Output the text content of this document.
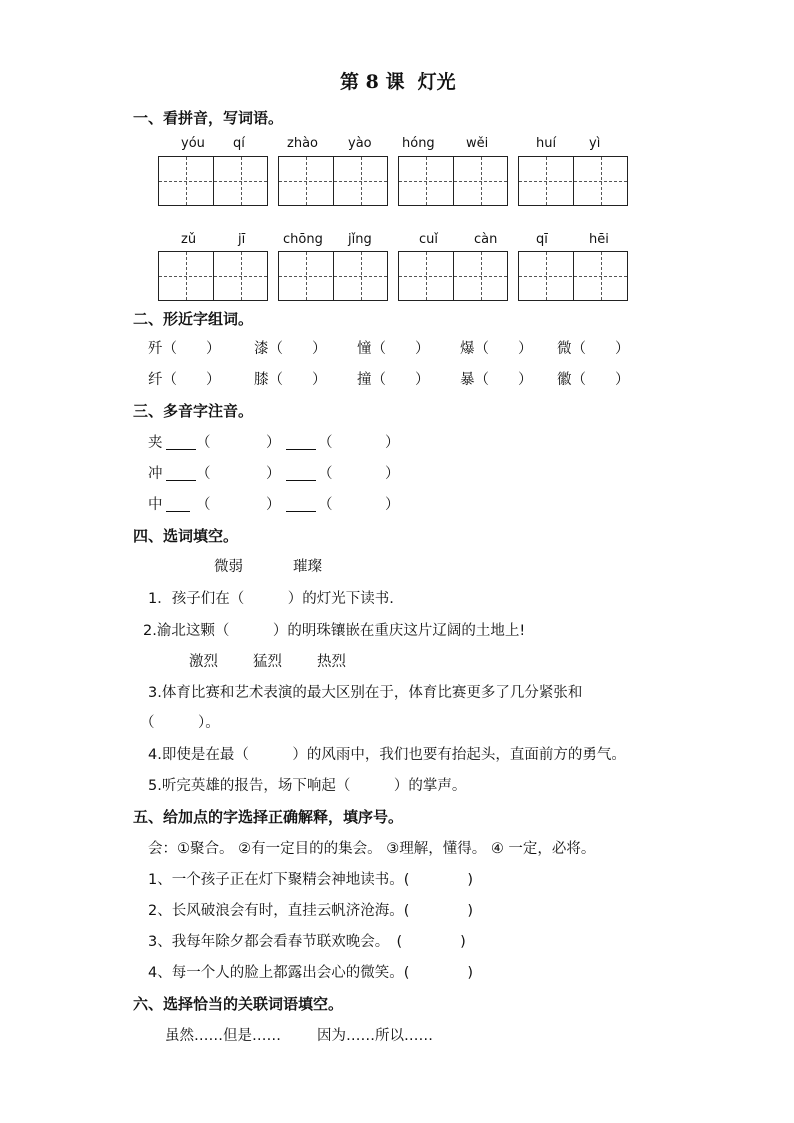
第 8 课  灯光
一、看拼音，写词语。
yóu qí	zhào yào hóng wěi	huí	yì
zǔ	jī	chōng jǐng	cuǐ	càn	qī	hēi
二、形近字组词。
歼（　　） 漆（　　） 憧（　　） 爆（　　） 微（　　）
纤（　　） 膝（　　） 撞（　　） 暴（　　） 徽（　　）
三、多音字注音。
夹 （	）	（	）
冲 （	）	（	）
中 （	）	（	）
四、选词填空。
微弱	璀璨
1．孩子们在（　　　）的灯光下读书.
2.渝北这颗（　　　）的明珠镶嵌在重庆这片辽阔的土地上!
激烈 猛烈 热烈
3.体育比赛和艺术表演的最大区别在于，体育比赛更多了几分紧张和
（　　　）。
4.即使是在最（　　　）的风雨中，我们也要有抬起头，直面前方的勇气。
5.听完英雄的报告，场下响起（　　　）的掌声。
五、给加点的字选择正确解释，填序号。
会：①聚合。 ②有一定目的的集会。 ③理解，懂得。 ④ 一定，必将。
1、一个孩子正在灯下聚精会神地读书。(　　　　)
2、长风破浪会有时，直挂云帆济沧海。(　　　　)
3、我每年除夕都会看春节联欢晚会。　(　　　　)
4、每一个人的脸上都露出会心的微笑。(　　　　)
六、选择恰当的关联词语填空。
虽然……但是…… 因为……所以……
